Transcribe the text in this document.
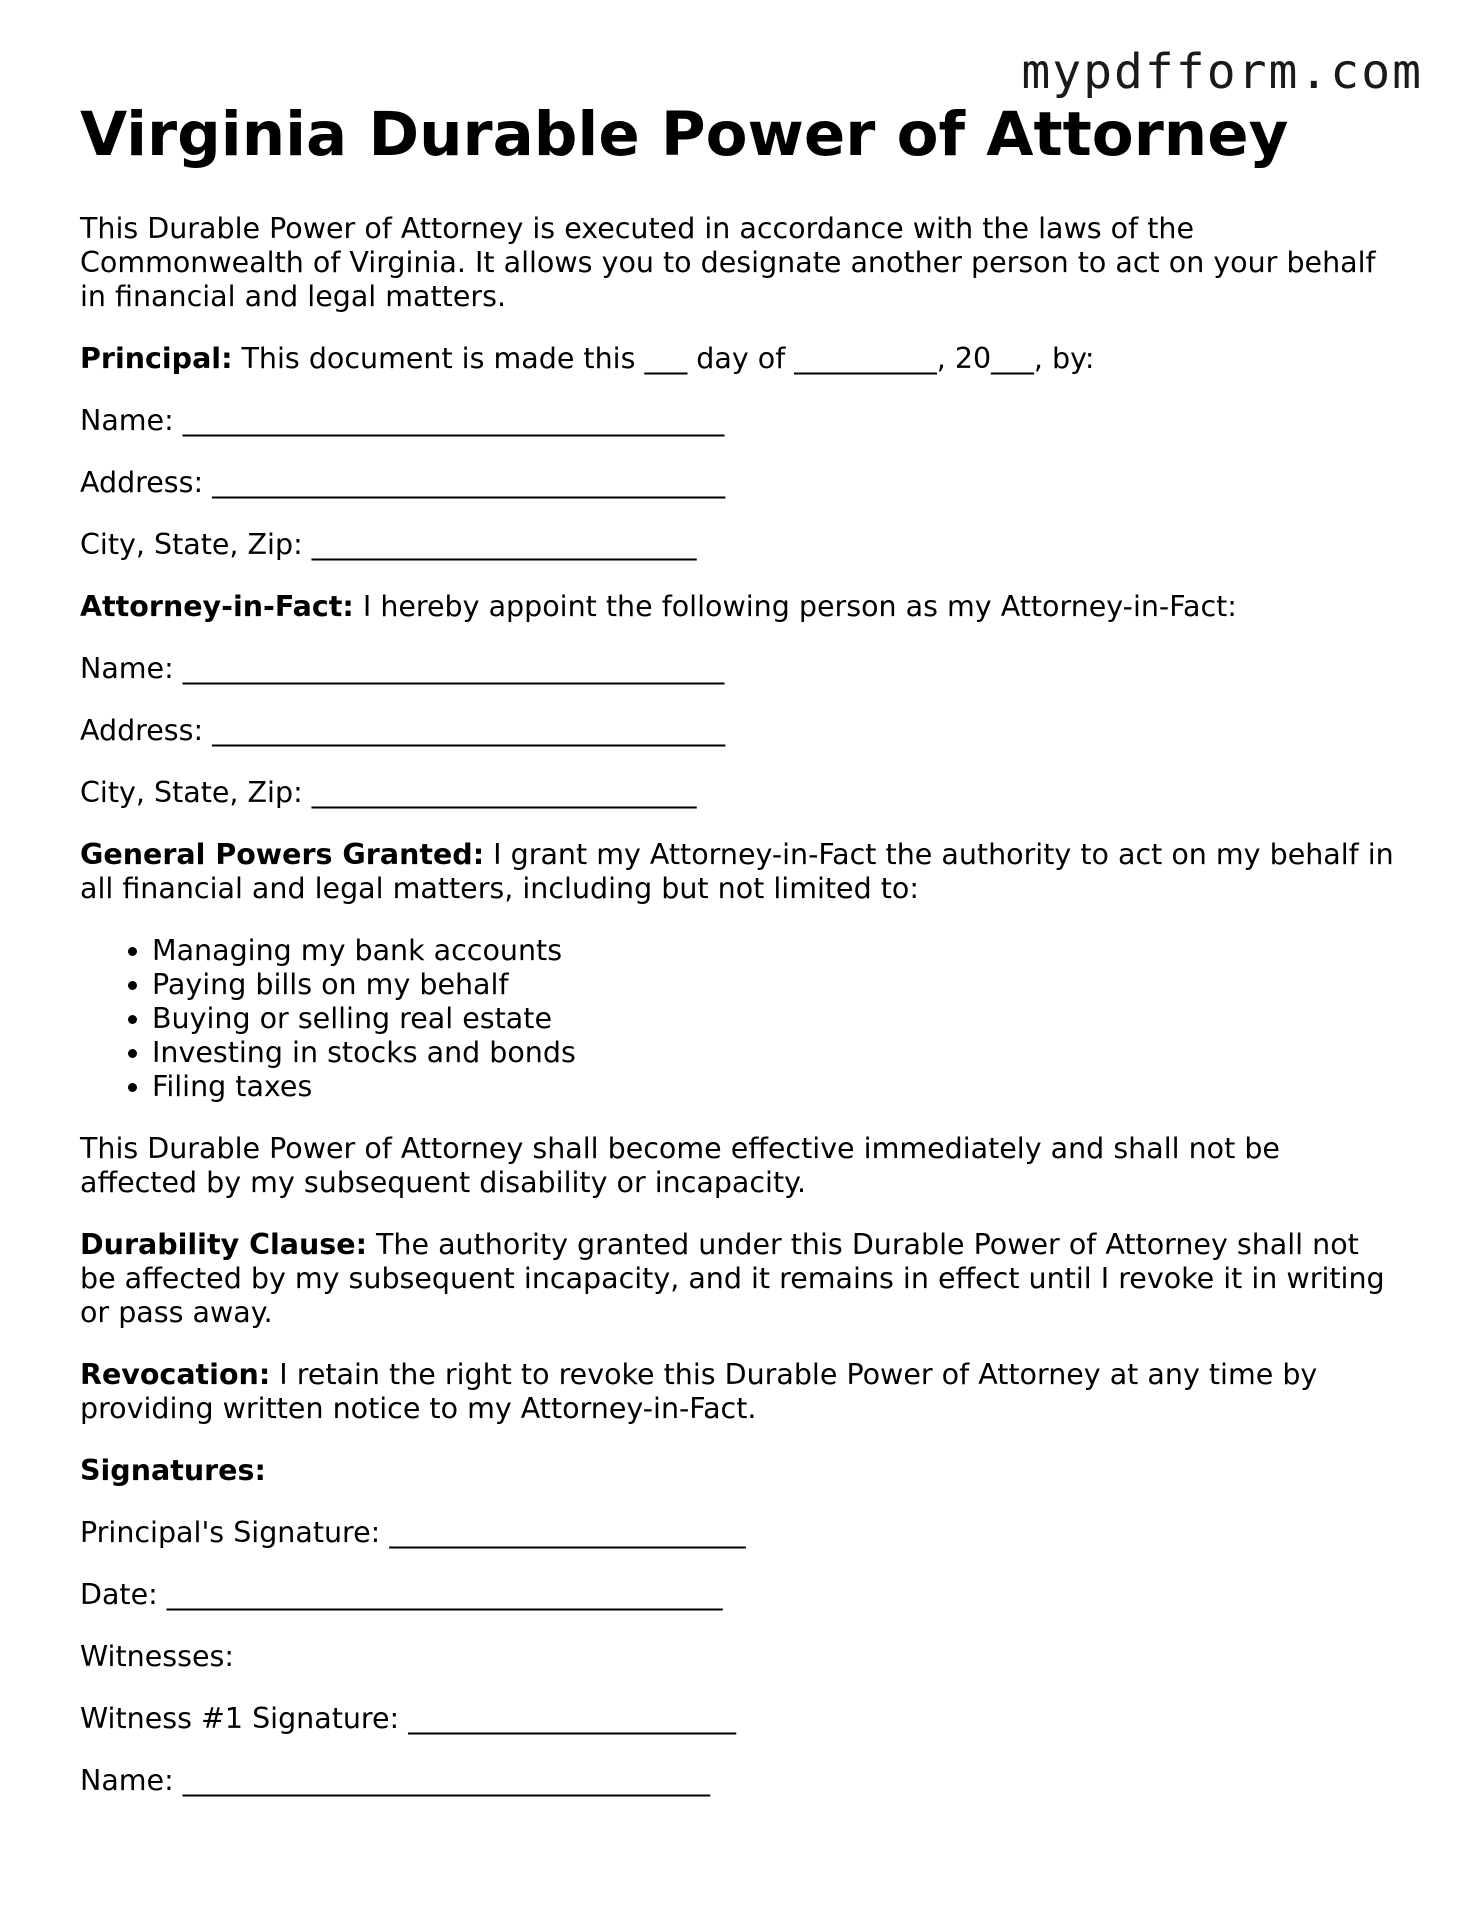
mypdfform.com
Virginia Durable Power of Attorney

This Durable Power of Attorney is executed in accordance with the laws of the Commonwealth of Virginia. It allows you to designate another person to act on your behalf in financial and legal matters.

Principal: This document is made this ___ day of __________, 20___, by:

Name: ______________________________________
Address: ____________________________________
City, State, Zip: ___________________________

Attorney-in-Fact: I hereby appoint the following person as my Attorney-in-Fact:

Name: ______________________________________
Address: ____________________________________
City, State, Zip: ___________________________

General Powers Granted: I grant my Attorney-in-Fact the authority to act on my behalf in all financial and legal matters, including but not limited to:

• Managing my bank accounts
• Paying bills on my behalf
• Buying or selling real estate
• Investing in stocks and bonds
• Filing taxes

This Durable Power of Attorney shall become effective immediately and shall not be affected by my subsequent disability or incapacity.

Durability Clause: The authority granted under this Durable Power of Attorney shall not be affected by my subsequent incapacity, and it remains in effect until I revoke it in writing or pass away.

Revocation: I retain the right to revoke this Durable Power of Attorney at any time by providing written notice to my Attorney-in-Fact.

Signatures:

Principal's Signature: _________________________
Date: _______________________________________
Witnesses:
Witness #1 Signature: _______________________
Name: _____________________________________
